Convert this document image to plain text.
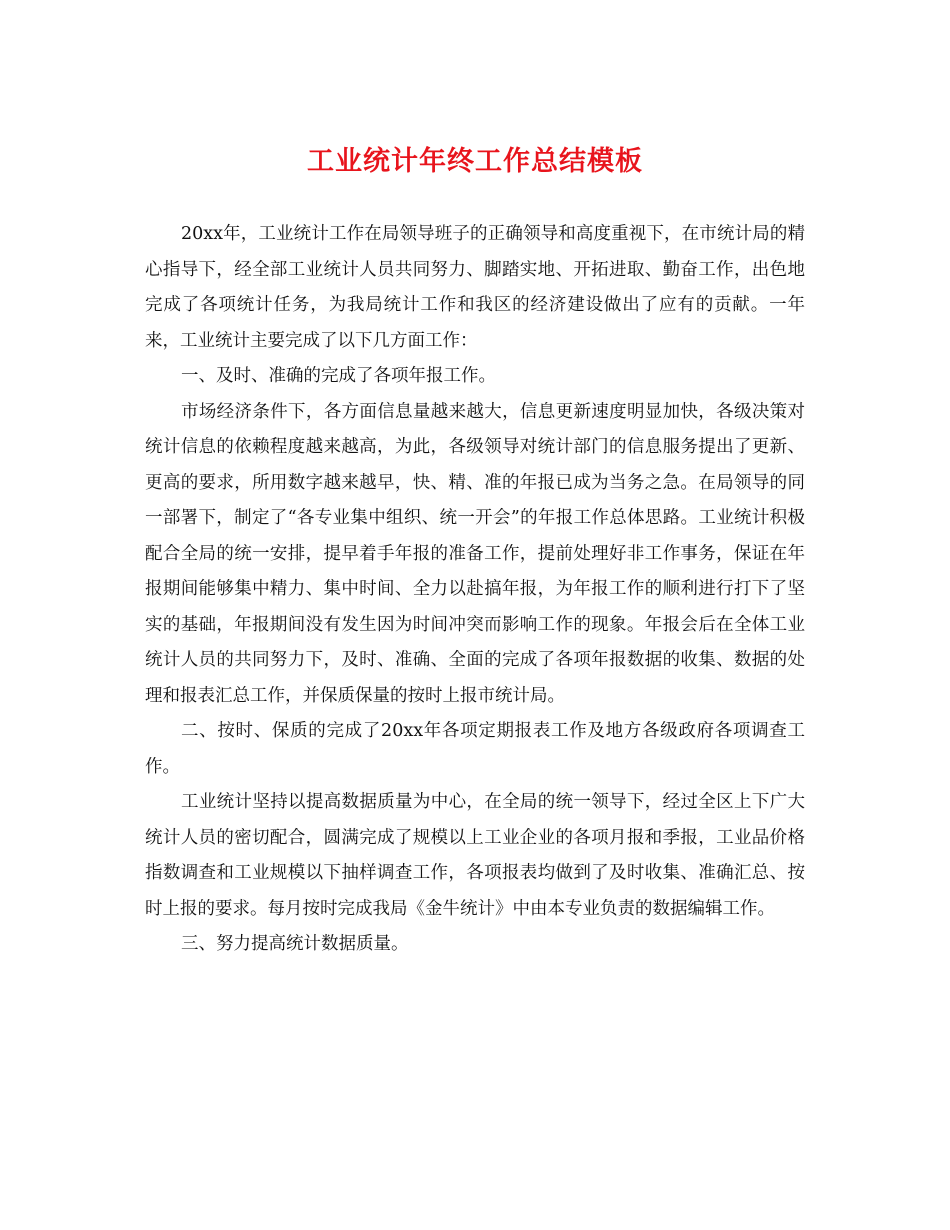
工业统计年终工作总结模板

20xx年，工业统计工作在局领导班子的正确领导和高度重视下，在市统计局的精心指导下，经全部工业统计人员共同努力、脚踏实地、开拓进取、勤奋工作，出色地完成了各项统计任务，为我局统计工作和我区的经济建设做出了应有的贡献。一年来，工业统计主要完成了以下几方面工作：

一、及时、准确的完成了各项年报工作。

市场经济条件下，各方面信息量越来越大，信息更新速度明显加快，各级决策对统计信息的依赖程度越来越高，为此，各级领导对统计部门的信息服务提出了更新、更高的要求，所用数字越来越早，快、精、准的年报已成为当务之急。在局领导的同一部署下，制定了“各专业集中组织、统一开会”的年报工作总体思路。工业统计积极配合全局的统一安排，提早着手年报的准备工作，提前处理好非工作事务，保证在年报期间能够集中精力、集中时间、全力以赴搞年报，为年报工作的顺利进行打下了坚实的基础，年报期间没有发生因为时间冲突而影响工作的现象。年报会后在全体工业统计人员的共同努力下，及时、准确、全面的完成了各项年报数据的收集、数据的处理和报表汇总工作，并保质保量的按时上报市统计局。

二、按时、保质的完成了20xx年各项定期报表工作及地方各级政府各项调查工作。

工业统计坚持以提高数据质量为中心，在全局的统一领导下，经过全区上下广大统计人员的密切配合，圆满完成了规模以上工业企业的各项月报和季报，工业品价格指数调查和工业规模以下抽样调查工作，各项报表均做到了及时收集、准确汇总、按时上报的要求。每月按时完成我局《金牛统计》中由本专业负责的数据编辑工作。

三、努力提高统计数据质量。
